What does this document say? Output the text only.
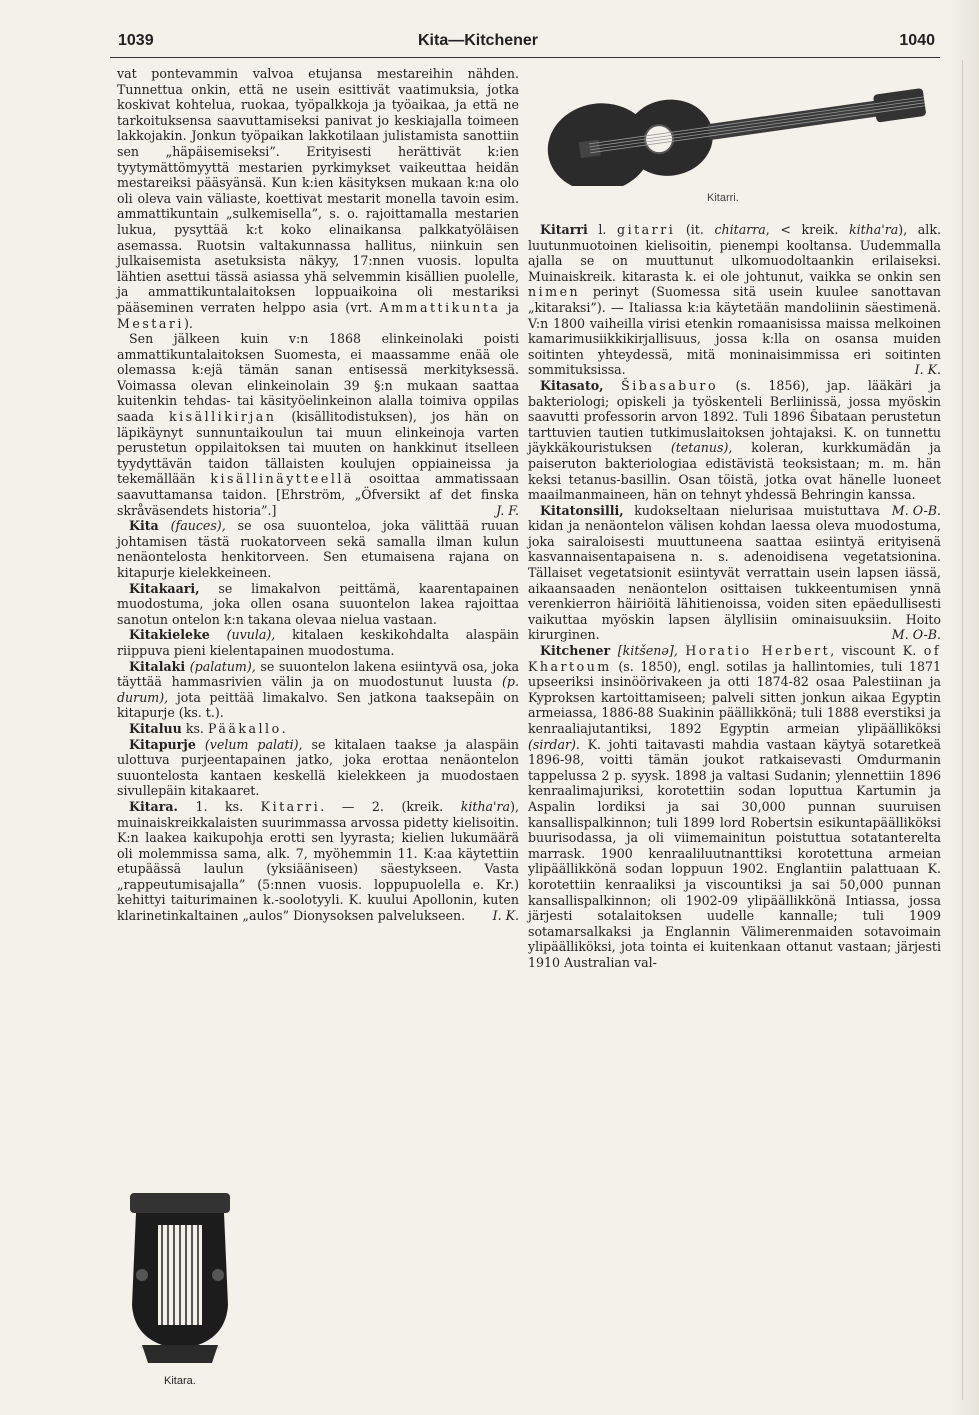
1039	Kita—Kitchener	1040

vat pontevammin valvoa etujansa mestareihin nähden. Tunnettua onkin, että ne usein esittivät vaatimuksia, jotka koskivat kohtelua, ruokaa, työpalkkoja ja työaikaa, ja että ne tarkoituksensa saavuttamiseksi panivat jo keskiajalla toimeen lakkojakin. Jonkun työpaikan lakkotilaan julistamista sanottiin sen „häpäisemiseksi”. Erityisesti herättivät k:ien tyytymättömyyttä mestarien pyrkimykset vaikeuttaa heidän mestareiksi pääsyänsä. Kun k:ien käsityksen mukaan k:na olo oli oleva vain väliaste, koettivat mestarit monella tavoin esim. ammattikuntain „sulkemisella”, s. o. rajoittamalla mestarien lukua, pysyttää k:t koko elinaikansa palkkatyöläisen asemassa. Ruotsin valtakunnassa hallitus, niinkuin sen julkaisemista asetuksista näkyy, 17:nnen vuosis. lopulta lähtien asettui tässä asiassa yhä selvemmin kisällien puolelle, ja ammattikuntalaitoksen loppuaikoina oli mestariksi pääseminen verraten helppo asia (vrt. Ammattikunta ja Mestari).

Sen jälkeen kuin v:n 1868 elinkeinolaki poisti ammattikuntalaitoksen Suomesta, ei maassamme enää ole olemassa k:ejä tämän sanan entisessä merkityksessä. Voimassa olevan elinkeinolain 39 §:n mukaan saattaa kuitenkin tehdas- tai käsityöelinkeinon alalla toimiva oppilas saada kisällikirjan (kisällitodistuksen), jos hän on läpikäynyt sunnuntaikoulun tai muun elinkeinoja varten perustetun oppilaitoksen tai muuten on hankkinut itselleen tyydyttävän taidon tällaisten koulujen oppiaineissa ja tekemällään kisällinäytteellä osoittaa ammatissaan saavuttamansa taidon. [Ehrström, „Öfversikt af det finska skråväsendets historia”.]	J. F.

Kita (fauces), se osa suuonteloa, joka välittää ruuan johtamisen tästä ruokatorveen sekä samalla ilman kulun nenäontelosta henkitorveen. Sen etumaisena rajana on kitapurje kielekkeineen.

Kitakaari, se limakalvon peittämä, kaarentapainen muodostuma, joka ollen osana suuontelon lakea rajoittaa sanotun ontelon k:n takana olevaa nielua vastaan.

Kitakieleke (uvula), kitalaen keskikohdalta alaspäin riippuva pieni kielentapainen muodostuma.

Kitalaki (palatum), se suuontelon lakena esiintyvä osa, joka täyttää hammasrivien välin ja on muodostunut luusta (p. durum), jota peittää limakalvo. Sen jatkona taaksepäin on kitapurje (ks. t.).

Kitaluu ks. Pääkallo.

Kitapurje (velum palati), se kitalaen taakse ja alaspäin ulottuva purjeentapainen jatko, joka erottaa nenäontelon suuontelosta kantaen keskellä kielekkeen ja muodostaen sivullepäin kitakaaret.

Kitara. 1. ks. Kitarri. — 2. (kreik. kitha'ra), muinaiskreikkalaisten suurimmassa arvossa pidetty kielisoitin. K:n laakea kaikupohja erotti sen lyyrasta; kielien lukumäärä oli molemmissa sama, alk. 7, myöhemmin 11. K:aa käytettiin etupäässä laulun (yksiääniseen) säestykseen. Vasta „rappeutumisajalla” (5:nnen vuosis. loppupuolella e. Kr.) kehittyi taiturimainen k.-soolotyyli. K. kuului Apollonin, kuten klarinetinkaltainen „aulos” Dionysoksen palvelukseen.	I. K.

Kitara.
Kitarri.

Kitarri l. gitarri (it. chitarra, < kreik. kitha'ra), alk. luutunmuotoinen kielisoitin, pienempi kooltansa. Uudemmalla ajalla se on muuttunut ulkomuodoltaankin erilaiseksi. Muinaiskreik. kitarasta k. ei ole johtunut, vaikka se onkin sen nimen perinyt (Suomessa sitä usein kuulee sanottavan „kitaraksi”). — Italiassa k:ia käytetään mandoliinin säestimenä. V:n 1800 vaiheilla virisi etenkin romaanisissa maissa melkoinen kamarimusiikkikirjallisuus, jossa k:lla on osansa muiden soitinten yhteydessä, mitä moninaisimmissa eri soitinten sommituksissa.	I. K.

Kitasato, Šibasaburo (s. 1856), jap. lääkäri ja bakteriologi; opiskeli ja työskenteli Berliinissä, jossa myöskin saavutti professorin arvon 1892. Tuli 1896 Šibataan perustetun tarttuvien tautien tutkimuslaitoksen johtajaksi. K. on tunnettu jäykkäkouristuksen (tetanus), koleran, kurkkumädän ja paiseruton bakteriologiaa edistävistä teoksistaan; m. m. hän keksi tetanus-basillin. Osan töistä, jotka ovat hänelle luoneet maailmanmaineen, hän on tehnyt yhdessä Behringin kanssa.
M. O-B.

Kitatonsilli, kudokseltaan nielurisaa muistuttava kidan ja nenäontelon välisen kohdan laessa oleva muodostuma, joka sairaloisesti muuttuneena saattaa esiintyä erityisenä kasvannaisentapaisena n. s. adenoidisena vegetatsionina. Tällaiset vegetatsionit esiintyvät verrattain usein lapsen iässä, aikaansaaden nenäontelon osittaisen tukkeentumisen ynnä verenkierron häiriöitä lähitienoissa, voiden siten epäedullisesti vaikuttaa myöskin lapsen älyllisiin ominaisuuksiin. Hoito kirurginen.	M. O-B.

Kitchener [kitšenə], Horatio Herbert, viscount K. of Khartoum (s. 1850), engl. sotilas ja hallintomies, tuli 1871 upseeriksi insinöörivakeen ja otti 1874-82 osaa Palestiinan ja Kyproksen kartoittamiseen; palveli sitten jonkun aikaa Egyptin armeiassa, 1886-88 Suakinin päällikkönä; tuli 1888 everstiksi ja kenraaliajutantiksi, 1892 Egyptin armeian ylipäälliköksi (sirdar). K. johti taitavasti mahdia vastaan käytyä sotaretkeä 1896-98, voitti tämän joukot ratkaisevasti Omdurmanin tappelussa 2 p. syysk. 1898 ja valtasi Sudanin; ylennettiin 1896 kenraalimajuriksi, korotettiin sodan loputtua Kartumin ja Aspalin lordiksi ja sai 30,000 punnan suuruisen kansallispalkinnon; tuli 1899 lord Robertsin esikuntapäälliköksi buurisodassa, ja oli viimemainitun poistuttua sotatanterelta marrask. 1900 kenraaliluutnanttiksi korotettuna armeian ylipäällikkönä sodan loppuun 1902. Englantiin palattuaan K. korotettiin kenraaliksi ja viscountiksi ja sai 50,000 punnan kansallispalkinnon; oli 1902-09 ylipäällikkönä Intiassa, jossa järjesti sotalaitoksen uudelle kannalle; tuli 1909 sotamarsalkaksi ja Englannin Välimerenmaiden sotavoimain ylipäälliköksi, jota tointa ei kuitenkaan ottanut vastaan; järjesti 1910 Australian val-
